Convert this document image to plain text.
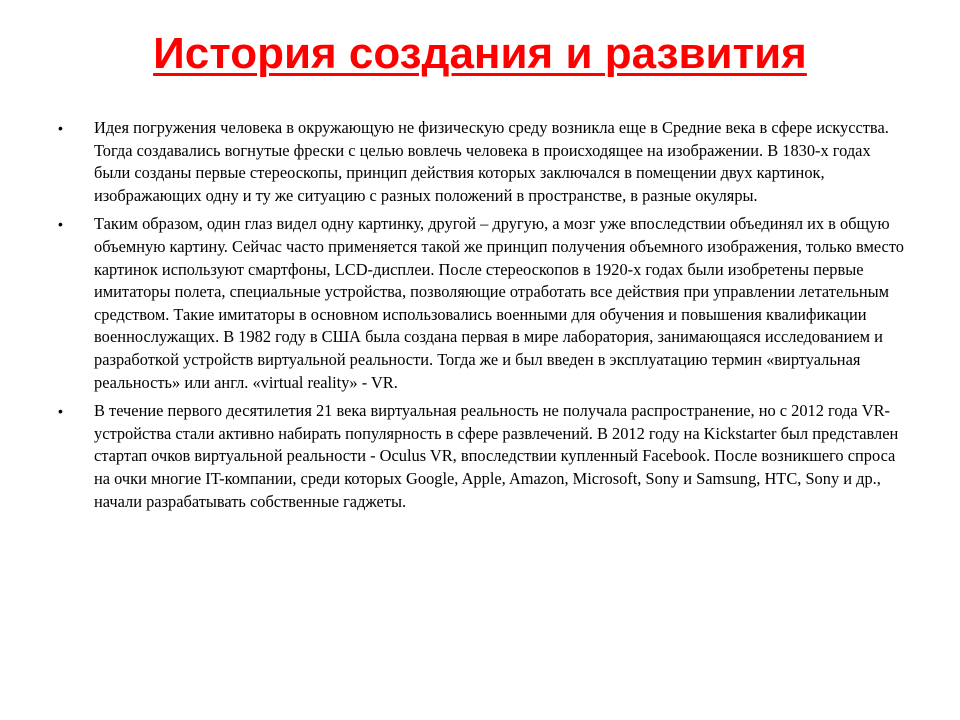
История создания и развития
• Идея погружения человека в окружающую не физическую среду возникла еще в Средние века в сфере искусства. Тогда создавались вогнутые фрески с целью вовлечь человека в происходящее на изображении. В 1830-х годах были созданы первые стереоскопы, принцип действия которых заключался в помещении двух картинок, изображающих одну и ту же ситуацию с разных положений в пространстве, в разные окуляры.
• Таким образом, один глаз видел одну картинку, другой – другую, а мозг уже впоследствии объединял их в общую объемную картину. Сейчас часто применяется такой же принцип получения объемного изображения, только вместо картинок используют смартфоны, LCD-дисплеи. После стереоскопов в 1920-х годах были изобретены первые имитаторы полета, специальные устройства, позволяющие отработать все действия при управлении летательным средством. Такие имитаторы в основном использовались военными для обучения и повышения квалификации военнослужащих. В 1982 году в США была создана первая в мире лаборатория, занимающаяся исследованием и разработкой устройств виртуальной реальности. Тогда же и был введен в эксплуатацию термин «виртуальная реальность» или англ. «virtual reality» - VR.
• В течение первого десятилетия 21 века виртуальная реальность не получала распространение, но с 2012 года VR-устройства стали активно набирать популярность в сфере развлечений. В 2012 году на Kickstarter был представлен стартап очков виртуальной реальности - Oculus VR, впоследствии купленный Facebook. После возникшего спроса на очки многие IT-компании, среди которых Google, Apple, Amazon, Microsoft, Sony и Samsung, HTC, Sony и др., начали разрабатывать собственные гаджеты.
